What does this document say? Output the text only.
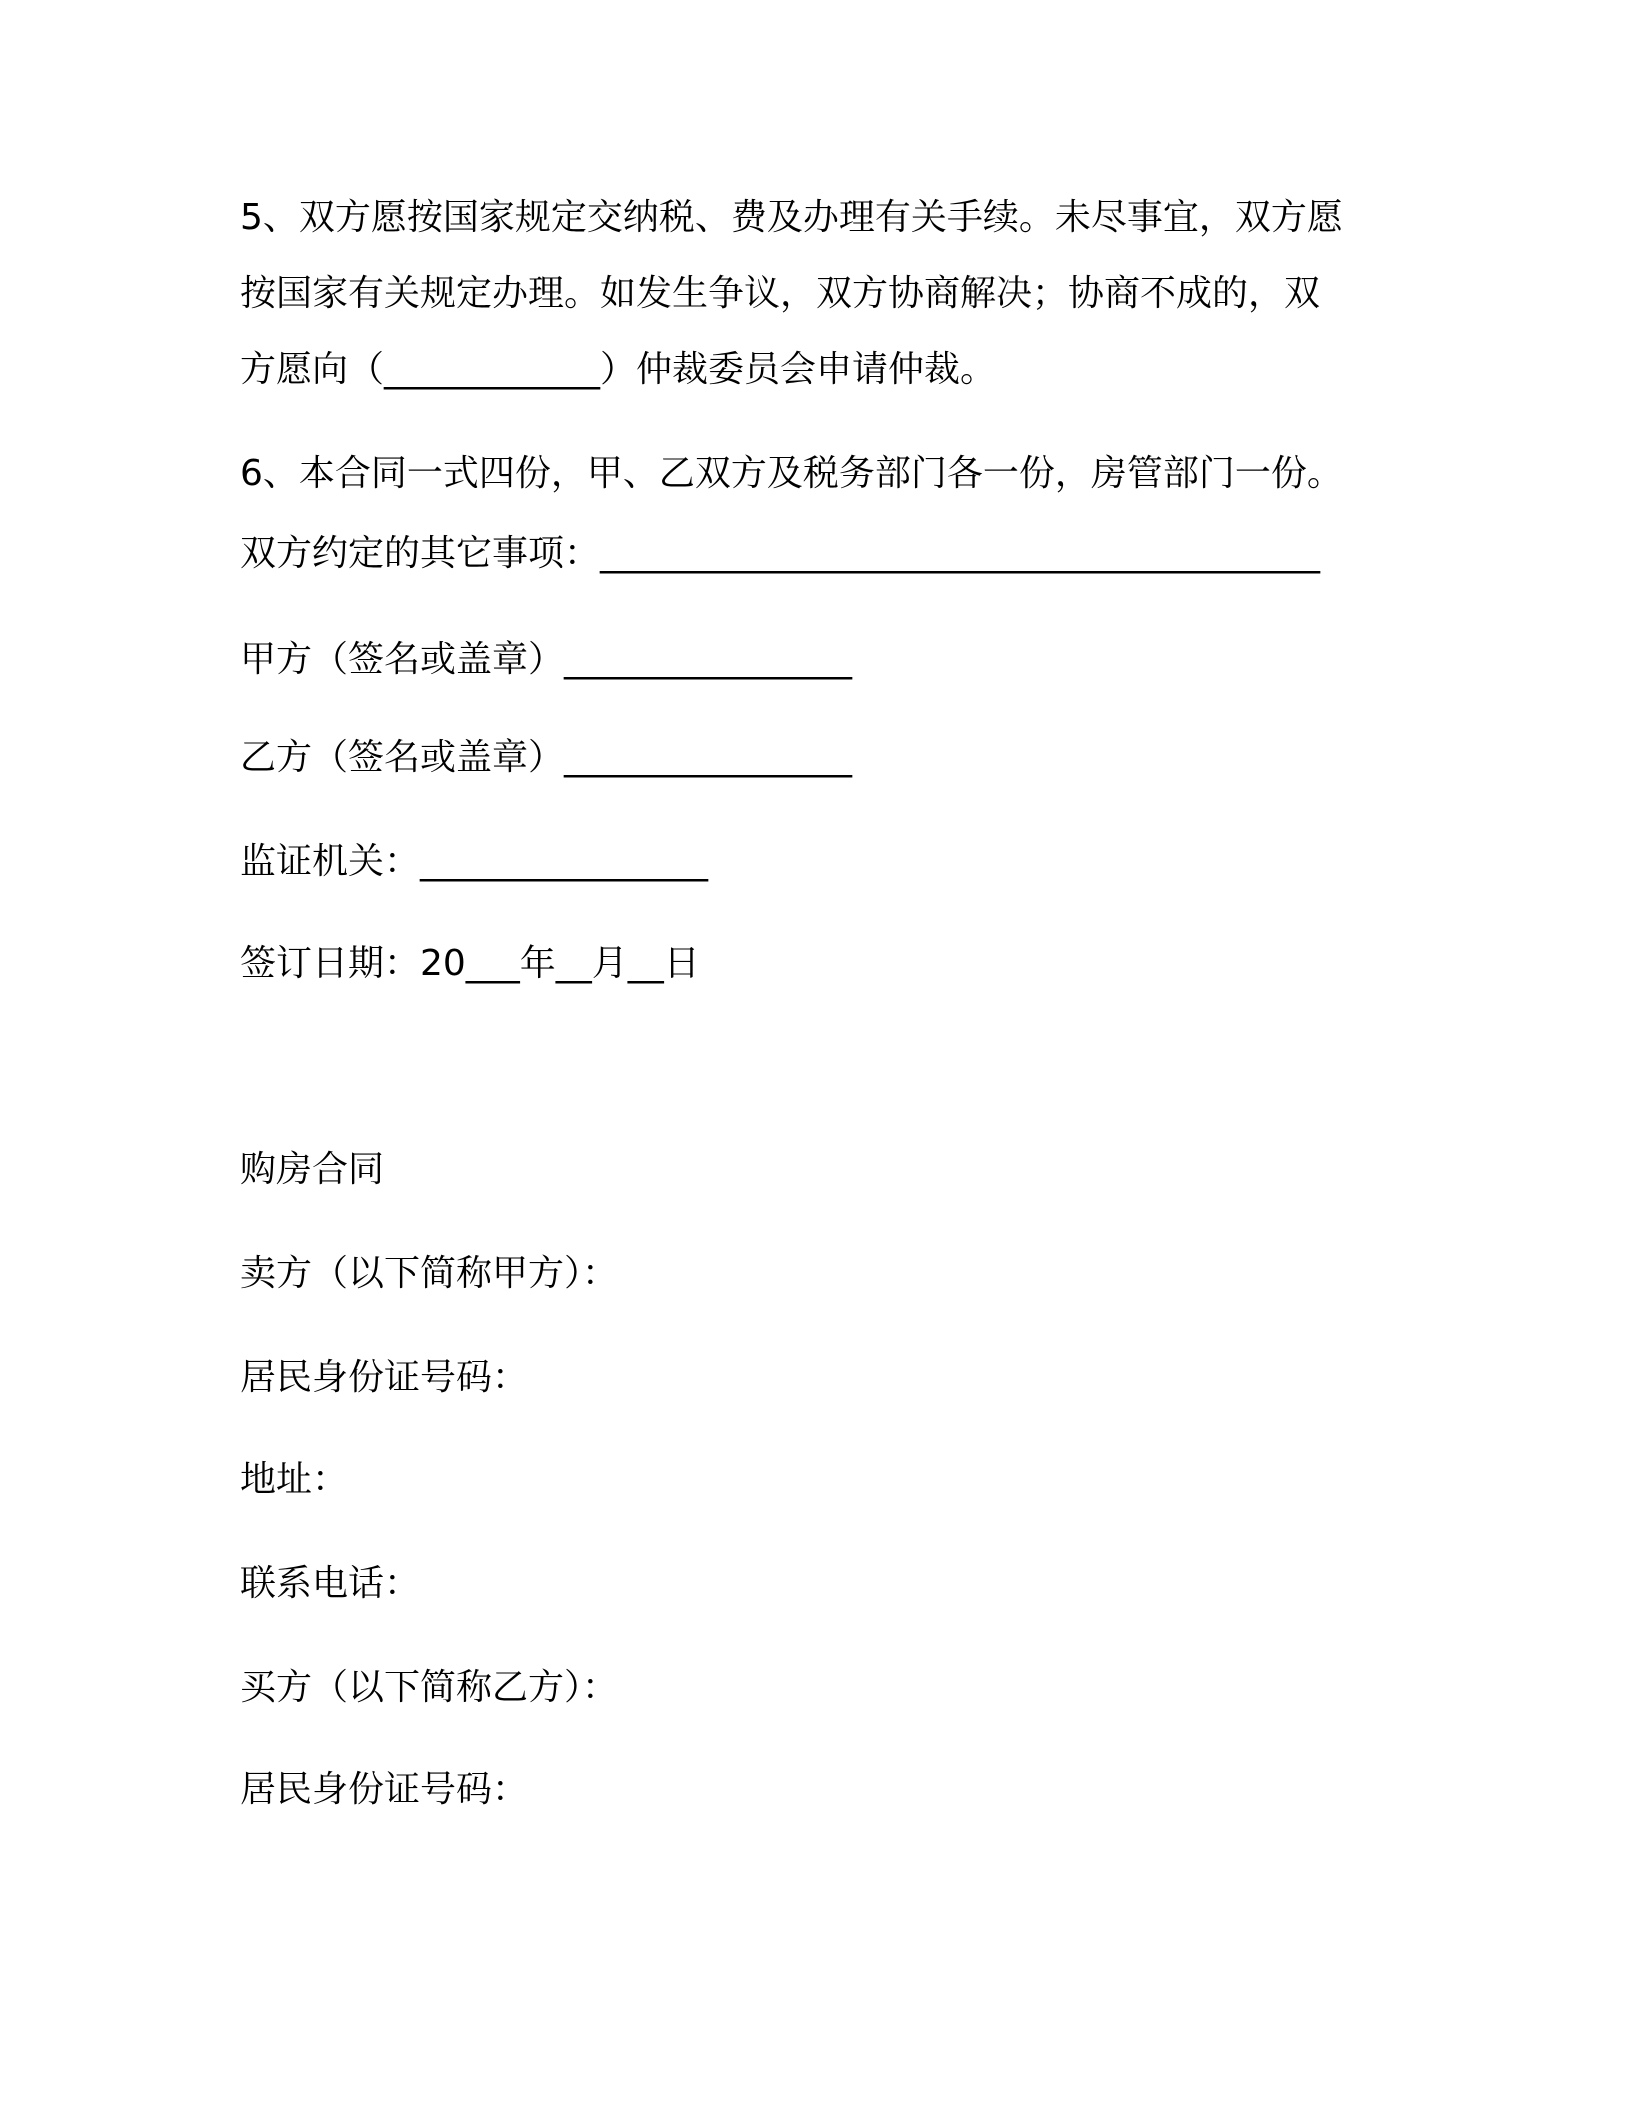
5、双方愿按国家规定交纳税、费及办理有关手续。未尽事宜，双方愿

按国家有关规定办理。如发生争议，双方协商解决；协商不成的，双

方愿向（____________）仲裁委员会申请仲裁。

6、本合同一式四份，甲、乙双方及税务部门各一份，房管部门一份。

双方约定的其它事项：________________________________________

甲方（签名或盖章）________________

乙方（签名或盖章）________________

监证机关：________________

签订日期：20___年__月__日

购房合同

卖方（以下简称甲方）：

居民身份证号码：

地址：

联系电话：

买方（以下简称乙方）：

居民身份证号码：
